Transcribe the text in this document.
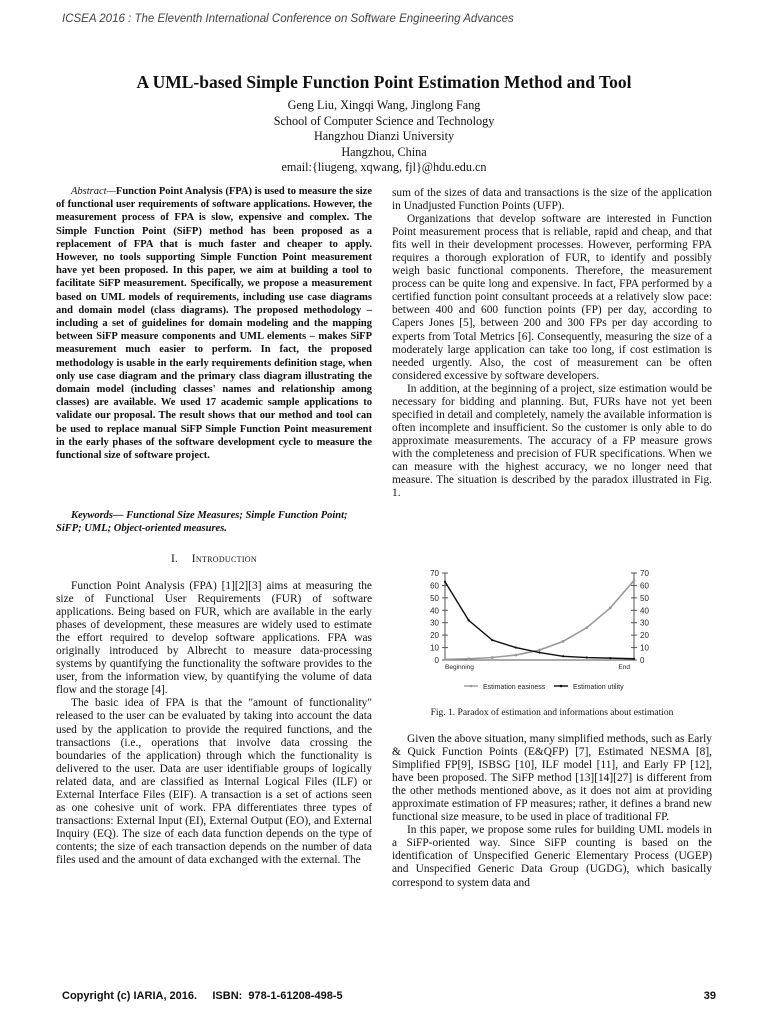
ICSEA 2016 : The Eleventh International Conference on Software Engineering Advances
A UML-based Simple Function Point Estimation Method and Tool
Geng Liu, Xingqi Wang, Jinglong Fang
School of Computer Science and Technology
Hangzhou Dianzi University
Hangzhou, China
email:{liugeng, xqwang, fjl}@hdu.edu.cn
Abstract—Function Point Analysis (FPA) is used to measure the size of functional user requirements of software applications. However, the measurement process of FPA is slow, expensive and complex. The Simple Function Point (SiFP) method has been proposed as a replacement of FPA that is much faster and cheaper to apply. However, no tools supporting Simple Function Point measurement have yet been proposed. In this paper, we aim at building a tool to facilitate SiFP measurement. Specifically, we propose a measurement based on UML models of requirements, including use case diagrams and domain model (class diagrams). The proposed methodology –including a set of guidelines for domain modeling and the mapping between SiFP measure components and UML elements – makes SiFP measurement much easier to perform. In fact, the proposed methodology is usable in the early requirements definition stage, when only use case diagram and the primary class diagram illustrating the domain model (including classes' names and relationship among classes) are available. We used 17 academic sample applications to validate our proposal. The result shows that our method and tool can be used to replace manual SiFP Simple Function Point measurement in the early phases of the software development cycle to measure the functional size of software project.
Keywords— Functional Size Measures; Simple Function Point; SiFP; UML; Object-oriented measures.
I. Introduction

Function Point Analysis (FPA) [1][2][3] aims at measuring the size of Functional User Requirements (FUR) of software applications. Being based on FUR, which are available in the early phases of development, these measures are widely used to estimate the effort required to develop software applications. FPA was originally introduced by Albrecht to measure data-processing systems by quantifying the functionality the software provides to the user, from the information view, by quantifying the volume of data flow and the storage [4].

The basic idea of FPA is that the "amount of functionality" released to the user can be evaluated by taking into account the data used by the application to provide the required functions, and the transactions (i.e., operations that involve data crossing the boundaries of the application) through which the functionality is delivered to the user. Data are user identifiable groups of logically related data, and are classified as Internal Logical Files (ILF) or External Interface Files (EIF). A transaction is a set of actions seen as one cohesive unit of work. FPA differentiates three types of transactions: External Input (EI), External Output (EO), and External Inquiry (EQ). The size of each data function depends on the type of contents; the size of each transaction depends on the number of data files used and the amount of data exchanged with the external. The

sum of the sizes of data and transactions is the size of the application in Unadjusted Function Points (UFP).

Organizations that develop software are interested in Function Point measurement process that is reliable, rapid and cheap, and that fits well in their development processes. However, performing FPA requires a thorough exploration of FUR, to identify and possibly weigh basic functional components. Therefore, the measurement process can be quite long and expensive. In fact, FPA performed by a certified function point consultant proceeds at a relatively slow pace: between 400 and 600 function points (FP) per day, according to Capers Jones [5], between 200 and 300 FPs per day according to experts from Total Metrics [6]. Consequently, measuring the size of a moderately large application can take too long, if cost estimation is needed urgently. Also, the cost of measurement can be often considered excessive by software developers.

In addition, at the beginning of a project, size estimation would be necessary for bidding and planning. But, FURs have not yet been specified in detail and completely, namely the available information is often incomplete and insufficient. So the customer is only able to do approximate measurements. The accuracy of a FP measure grows with the completeness and precision of FUR specifications. When we can measure with the highest accuracy, we no longer need that measure. The situation is described by the paradox illustrated in Fig. 1.

0	0
10	10
20	20
30	30
40	40
50	50
60	60
70	70
Beginning	End
Estimation easiness	Estimation utility
Fig. 1. Paradox of estimation and informations about estimation

Given the above situation, many simplified methods, such as Early & Quick Function Points (E&QFP) [7], Estimated NESMA [8], Simplified FP[9], ISBSG [10], ILF model [11], and Early FP [12], have been proposed. The SiFP method [13][14][27] is different from the other methods mentioned above, as it does not aim at providing approximate estimation of FP measures; rather, it defines a brand new functional size measure, to be used in place of traditional FP.

In this paper, we propose some rules for building UML models in a SiFP-oriented way. Since SiFP counting is based on the identification of Unspecified Generic Elementary Process (UGEP) and Unspecified Generic Data Group (UGDG), which basically correspond to system data and

Copyright (c) IARIA, 2016.     ISBN:  978-1-61208-498-5	39
